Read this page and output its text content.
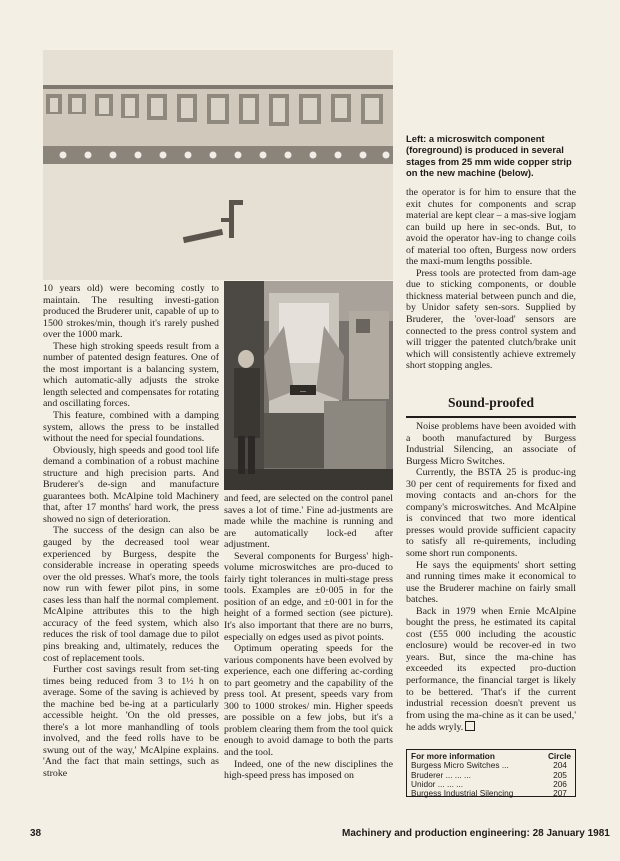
Left: a microswitch component (foreground) is produced in several stages from 25 mm wide copper strip on the new machine (below).
—

10 years old) were becoming costly to maintain. The resulting investi-gation produced the Bruderer unit, capable of up to 1500 strokes/min, though it's rarely pushed over the 1000 mark.

These high stroking speeds result from a number of patented design features. One of the most important is a balancing system, which automatic-ally adjusts the stroke length selected and compensates for rotating and oscillating forces.

This feature, combined with a damping system, allows the press to be installed without the need for special foundations.

Obviously, high speeds and good tool life demand a combination of a robust machine structure and high precision parts. And Bruderer's de-sign and manufacture guarantees both. McAlpine told Machinery that, after 17 months' hard work, the press showed no sign of deterioration.

The success of the design can also be gauged by the decreased tool wear experienced by Burgess, despite the considerable increase in operating speeds over the old presses. What's more, the tools now run with fewer pilot pins, in some cases less than half the normal complement. McAlpine attributes this to the high accuracy of the feed system, which also reduces the risk of tool damage due to pilot pins breaking and, ultimately, reduces the cost of replacement tools.

Further cost savings result from set-ting times being reduced from 3 to 1½ h on average. Some of the saving is achieved by the machine bed be-ing at a particularly accessible height. 'On the old presses, there's a lot more manhandling of tools involved, and the feed rolls have to be swung out of the way,' McAlpine explains. 'And the fact that main settings, such as stroke

and feed, are selected on the control panel saves a lot of time.' Fine ad-justments are made while the machine is running and are automatically lock-ed after adjustment.

Several components for Burgess' high-volume microswitches are pro-duced to fairly tight tolerances in multi-stage press tools. Examples are ±0·005 in for the position of an edge, and ±0·001 in for the height of a formed section (see picture). It's also important that there are no burrs, especially on edges used as pivot points.

Optimum operating speeds for the various components have been evolved by experience, each one differing ac-cording to part geometry and the capability of the press tool. At present, speeds vary from 300 to 1000 strokes/ min. Higher speeds are possible on a few jobs, but it's a problem clearing them from the tool quick enough to avoid damage to both the parts and the tool.

Indeed, one of the new disciplines the high-speed press has imposed on

the operator is for him to ensure that the exit chutes for components and scrap material are kept clear – a mas-sive logjam can build up here in sec-onds. But, to avoid the operator hav-ing to change coils of material too often, Burgess now orders the maxi-mum lengths possible.

Press tools are protected from dam-age due to sticking components, or double thickness material between punch and die, by Unidor safety sen-sors. Supplied by Bruderer, the 'over-load' sensors are connected to the press control system and will trigger the patented clutch/brake unit which will consistently achieve extremely short stopping angles.

Sound-proofed

Noise problems have been avoided with a booth manufactured by Burgess Industrial Silencing, an associate of Burgess Micro Switches.

Currently, the BSTA 25 is produc-ing 30 per cent of requirements for fixed and moving contacts and an-chors for the company's microswitches. And McAlpine is convinced that two more identical presses would provide sufficient capacity to satisfy all re-quirements, including some short run components.

He says the equipments' short setting and running times make it economical to use the Bruderer machine on fairly small batches.

Back in 1979 when Ernie McAlpine bought the press, he estimated its capital cost (£55 000 including the acoustic enclosure) would be recover-ed in two years. But, since the ma-chine has exceeded its expected pro-duction performance, the financial target is likely to be bettered. 'That's if the current industrial recession doesn't prevent us from using the ma-chine as it can be used,' he adds wryly.

For more information	Circle
Burgess Micro Switches ...	204
Bruderer ... ... ...	205
Unidor ... ... ...	206
Burgess Industrial Silencing	207
38	Machinery and production engineering: 28 January 1981
